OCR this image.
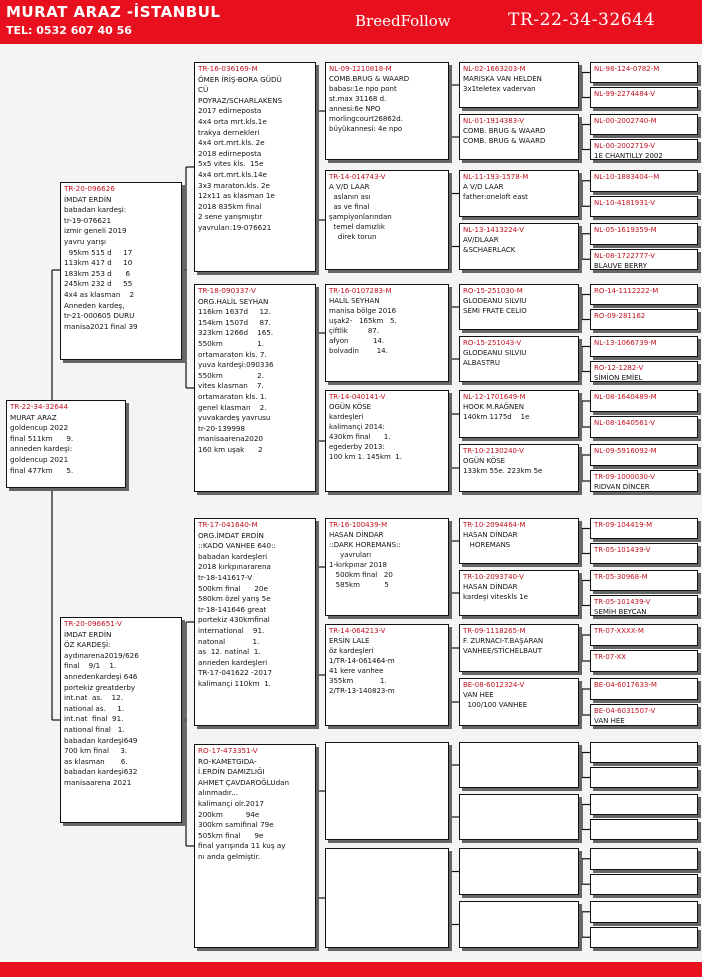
MURAT ARAZ -İSTANBUL
TEL: 0532 607 40 56
BreedFollow	TR-22-34-32644
TR-22-34-32644
MURAT ARAZ
goldencup 2022
final 511km      9.
anneden kardeşi:
goldencup 2021
final 477km      5.
TR-20-096626
İMDAT ERDİN
babadan kardeşi:
tr-19-076621
izmir geneli 2019
yavru yarışı
95km 515 d     17
113km 417 d     10
183km 253 d      6
245km 232 d     55
4x4 as klasman    2
Anneden kardeş,
tr-21-000605 DURU
manisa2021 final 39
TR-20-096651-V
İMDAT ERDİN
ÖZ KARDEŞİ:
aydınarena2019/626
final    9/1    1.
annedenkardeşi 646
portekiz greatderby
int.nat  as.    12.
national as.     1.
int.nat  final  91.
national final   1.
babadan kardeşi649
700 km final     3.
as klasman       6.
babadan kardeşi632
manisaarena 2021
TR-16-036169-M
ÖMER İRİŞ-BORA GÜDÜ
CÜ
POYRAZ/SCHARLAKENS
2017 edirneposta
4x4 orta mrt.kls.1e
trakya dernekleri
4x4 ort.mrt.kls. 2e
2018 edirneposta
5x5 vites kls.  15e
4x4 ort.mrt.kls.14e
3x3 maraton.kls. 2e
12x11 as klasman 1e
2018 835km final
2 sene yarışmıştır
yavruları:19-076621
TR-18-090337-V
ORG.HALİL SEYHAN
116km 1637d     12.
154km 1507d     87.
323km 1266d    165.
550km               1.
ortamaraton kls. 7.
yuva kardeşi:090336
550km               2.
vites klasman    7.
ortamaraton kls. 1.
genel klasman    2.
yuvakardeş yavrusu
tr-20-139998
manisaarena2020
160 km uşak      2
TR-17-041640-M
ORG.İMDAT ERDİN
::KADO VANHEE 640::
babadan kardeşleri
2018 kırkpınararena
tr-18-141617-V
500km final      20e
580km özel yarış 5e
tr-18-141646 great
portekiz 430kmfinal
international    91.
natonal            1.
as  12. natinal  1.
anneden kardeşleri
TR-17-041622 -2017
kalimançi 110km  1.
RO-17-473351-V
RO-KAMETGIDA-
İ.ERDİN DAMIZLIĞI
AHMET ÇAVDAROĞLUdan
alınmadır...
kalimançi olr.2017
200km          94e
300km samifinal 79e
505km final      9e
final yarışında 11 kuş ay
nı anda gelmiştir.
NL-09-1210818-M
COMB.BRUG & WAARD
babası:1e npo pont
st.max 31168 d.
annesi:6e NPO
morlingcourt26862d.
büyükannesi: 4e npo
TR-14-014743-V
A V/D LAAR
aslanın ası
as ve final
şampiyonlarından
temel damızlık
direk torun
TR-16-0107283-M
HALİL SEYHAN
manisa bölge 2016
uşak2-   165km   5.
çiftlik         87.
afyon           14.
bolvadin        14.
TR-14-040141-V
OGÜN KÖSE
kardeşleri
kalimançi 2014:
430km final      1.
egederby 2013:
100 km 1. 145km  1.
TR-16-100439-M
HASAN DİNDAR
::DARK HOREMANS::
yavruları
1-kırkpınar 2018
500km final   20
585km           5
TR-14-064213-V
ERSİN LALE
öz kardeşleri
1/TR-14-061464-m
41 kere vanhee
355km            1.
2/TR-13-140823-m
NL-02-1663203-M
MARISKA VAN HELDEN
3x1teletex vadervan
NL-01-1914383-V
COMB. BRUG & WAARD
COMB. BRUG & WAARD
NL-11-193-1578-M
A V/D LAAR
father:oneloft east
NL-13-1413224-V
AV/DLAAR
&SCHAERLACK
RO-15-251030-M
GLODEANU SILVIU
SEMI FRATE CELIO
RO-15-251043-V
GLODEANU SILVIU
ALBASTRU
NL-12-1701649-M
HOOK M.RAĞNEN
140km 1175d    1e
TR-10-2130240-V
OGÜN KÖSE
133km 55e. 223km 5e
TR-10-2094464-M
HASAN DİNDAR
HOREMANS
TR-10-2093740-V
HASAN DİNDAR
kardeşi viteskls 1e
TR-09-1118265-M
F. ZURNACI-T.BAŞARAN
VANHEE/STİCHELBAUT
BE-08-6012324-V
VAN HEE
100/100 VANHEE
NL-98-124-0782-M
NL-99-2274484-V
NL-00-2002740-M
NL-00-2002719-V
1E CHANTILLY 2002
NL-10-1883404--M
NL-10-4181931-V
NL-05-1619359-M
NL-08-1722777-V
BLAUVE BERRY
RO-14-1112222-M
RO-09-281162
NL-13-1066739-M
RO-12-1282-V
SİMİON EMİEL
NL-08-1640489-M
NL-08-1640561-V
NL-09-5916092-M
TR-09-1000030-V
RIDVAN DİNCER
TR-09-104419-M
TR-05-101439-V
TR-05-30968-M
TR-05-101439-V
SEMİH BEYCAN
TR-07-XXXX-M
TR-07-XX
BE-04-6017633-M
BE-04-6031507-V
VAN HEE
